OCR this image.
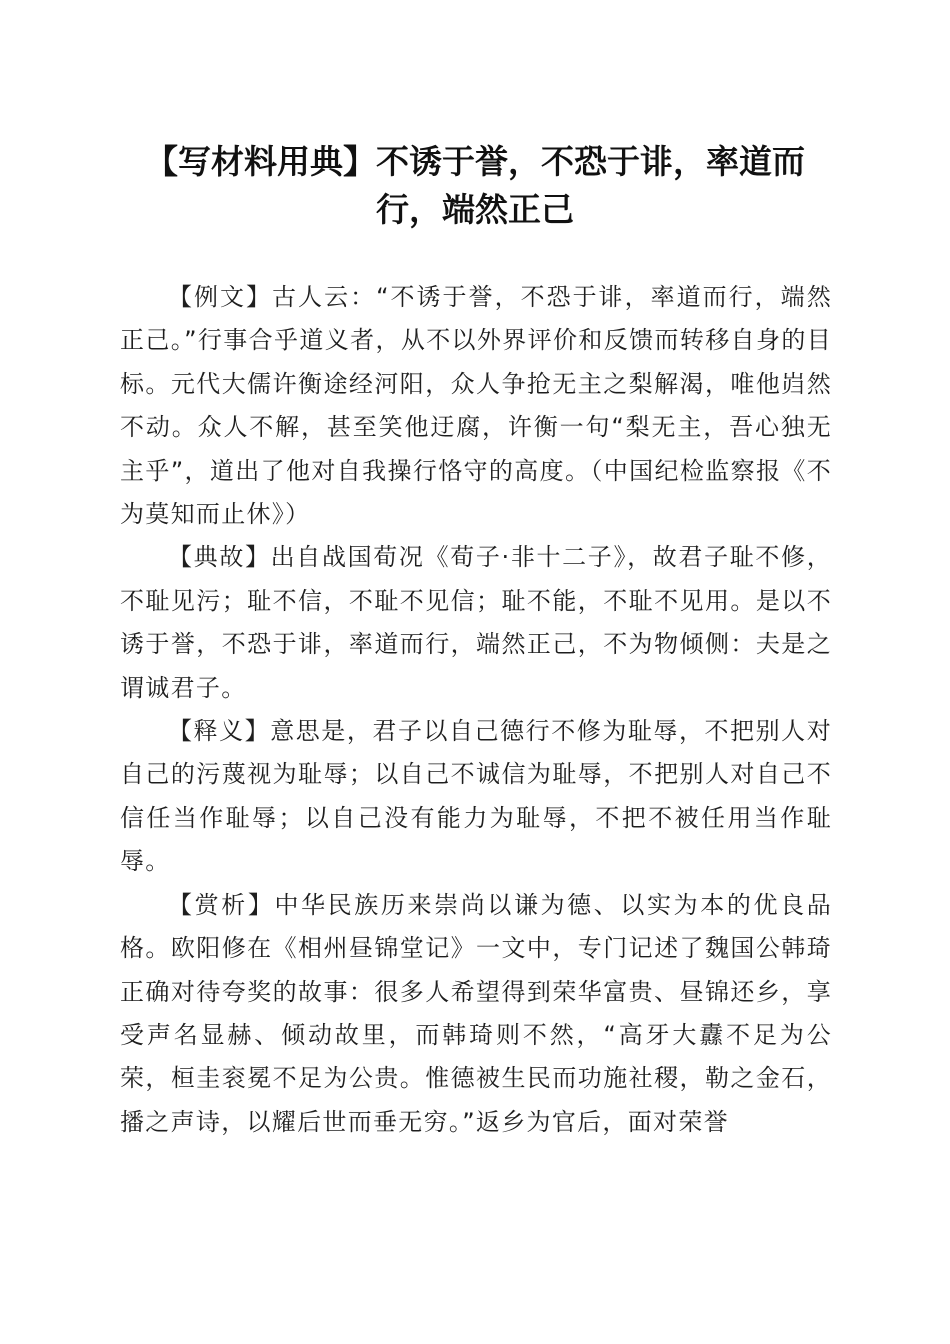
【写材料用典】不诱于誉，不恐于诽，率道而行，端然正己

【例文】古人云：“不诱于誉，不恐于诽，率道而行，端然正己。”行事合乎道义者，从不以外界评价和反馈而转移自身的目标。元代大儒许衡途经河阳，众人争抢无主之梨解渴，唯他岿然不动。众人不解，甚至笑他迂腐，许衡一句“梨无主，吾心独无主乎”，道出了他对自我操行恪守的高度。（中国纪检监察报《不为莫知而止休》）

【典故】出自战国荀况《荀子·非十二子》，故君子耻不修，不耻见污；耻不信，不耻不见信；耻不能，不耻不见用。是以不诱于誉，不恐于诽，率道而行，端然正己，不为物倾侧：夫是之谓诚君子。

【释义】意思是，君子以自己德行不修为耻辱，不把别人对自己的污蔑视为耻辱；以自己不诚信为耻辱，不把别人对自己不信任当作耻辱；以自己没有能力为耻辱，不把不被任用当作耻辱。

【赏析】中华民族历来崇尚以谦为德、以实为本的优良品格。欧阳修在《相州昼锦堂记》一文中，专门记述了魏国公韩琦正确对待夸奖的故事：很多人希望得到荣华富贵、昼锦还乡，享受声名显赫、倾动故里，而韩琦则不然，“高牙大纛不足为公荣，桓圭衮冕不足为公贵。惟德被生民而功施社稷，勒之金石，播之声诗，以耀后世而垂无穷。”返乡为官后，面对荣誉
